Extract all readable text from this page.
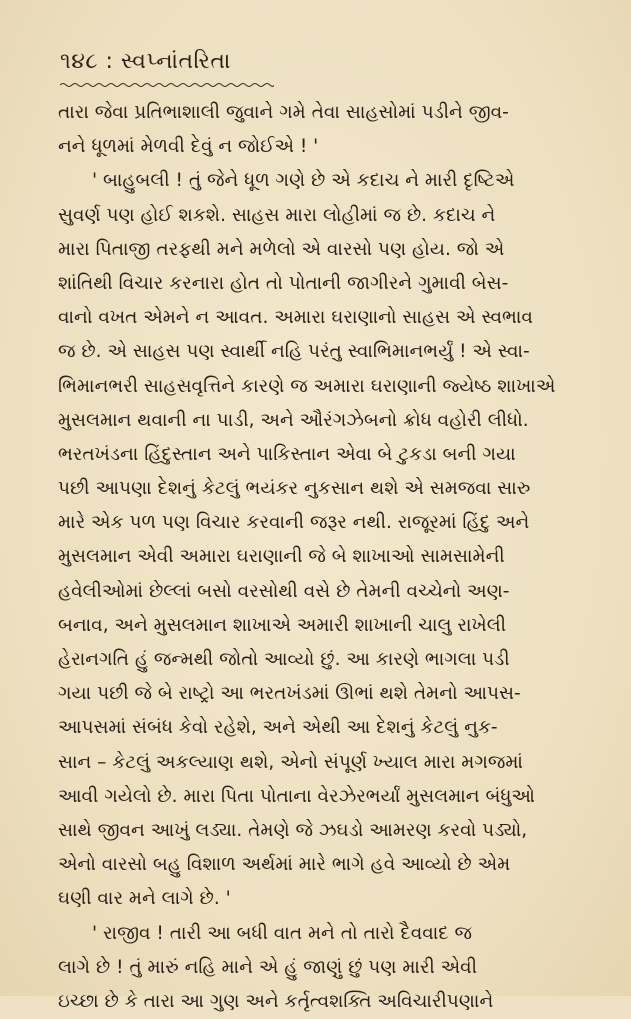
૧૪૮ : સ્વપ્નાંતરિતા
તારા જેવા પ્રતિભાશાલી જુવાને ગમે તેવા સાહસોમાં પડીને જીવ-
નને ધૂળમાં મેળવી દેવું ન જોઈએ ! '
' બાહુબલી ! તું જેને ધૂળ ગણે છે એ કદાચ ને મારી દૃષ્ટિએ
સુવર્ણ પણ હોઈ શકશે. સાહસ મારા લોહીમાં જ છે. કદાચ ને
મારા પિતાજી તરફથી મને મળેલો એ વારસો પણ હોય. જો એ
શાંતિથી વિચાર કરનારા હોત તો પોતાની જાગીરને ગુમાવી બેસ-
વાનો વખત એમને ન આવત. અમારા ઘરાણાનો સાહસ એ સ્વભાવ
જ છે. એ સાહસ પણ સ્વાર્થી નહિ પરંતુ સ્વાભિમાનભર્યું ! એ સ્વા-
ભિમાનભરી સાહસવૃત્તિને કારણે જ અમારા ઘરાણાની જ્યેષ્ઠ શાખાએ
મુસલમાન થવાની ના પાડી, અને ઔરંગઝેબનો ક્રોધ વહોરી લીધો.
ભરતખંડના હિંદુસ્તાન અને પાકિસ્તાન એવા બે ટુકડા બની ગયા
પછી આપણા દેશનું કેટલું ભયંકર નુકસાન થશે એ સમજવા સારુ
મારે એક પળ પણ વિચાર કરવાની જરૂર નથી. રાજૂરમાં હિંદુ અને
મુસલમાન એવી અમારા ઘરાણાની જે બે શાખાઓ સામસામેની
હવેલીઓમાં છેલ્લાં બસો વરસોથી વસે છે તેમની વચ્ચેનો અણ-
બનાવ, અને મુસલમાન શાખાએ અમારી શાખાની ચાલુ રાખેલી
હેરાનગતિ હું જન્મથી જોતો આવ્યો છું. આ કારણે ભાગલા પડી
ગયા પછી જે બે રાષ્ટ્રો આ ભરતખંડમાં ઊભાં થશે તેમનો આપસ-
આપસમાં સંબંધ કેવો રહેશે, અને એથી આ દેશનું કેટલું નુક-
સાન – કેટલું અકલ્યાણ થશે, એનો સંપૂર્ણ ખ્યાલ મારા મગજમાં
આવી ગયેલો છે. મારા પિતા પોતાના વેરઝેરભર્યાં મુસલમાન બંધુઓ
સાથે જીવન આખું લડ્યા. તેમણે જે ઝઘડો આમરણ કરવો પડ્યો,
એનો વારસો બહુ વિશાળ અર્થમાં મારે ભાગે હવે આવ્યો છે એમ
ઘણી વાર મને લાગે છે. '
' રાજીવ ! તારી આ બધી વાત મને તો તારો દૈવવાદ જ
લાગે છે ! તું મારું નહિ માને એ હું જાણું છું પણ મારી એવી
ઇચ્છા છે કે તારા આ ગુણ અને કર્તૃત્વશક્તિ અવિચારીપણાને
